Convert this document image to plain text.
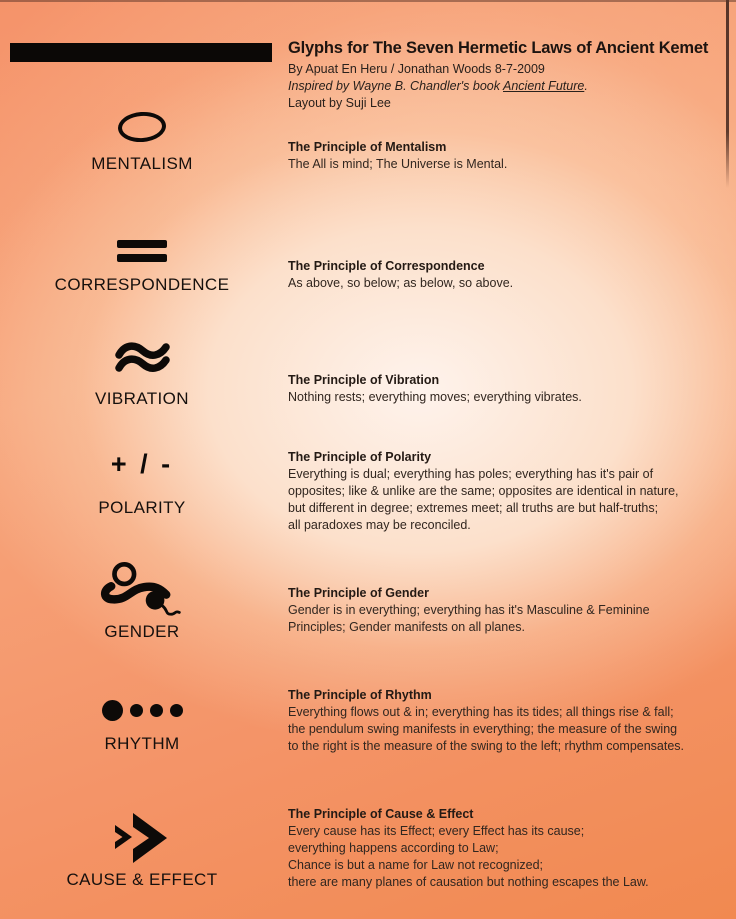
Glyphs for The Seven Hermetic Laws of Ancient Kemet
By Apuat En Heru / Jonathan Woods 8-7-2009
Inspired by Wayne B. Chandler's book Ancient Future.
Layout by Suji Lee
MENTALISM
The Principle of Mentalism
The All is mind; The Universe is Mental.
CORRESPONDENCE
The Principle of Correspondence
As above, so below; as below, so above.
VIBRATION
The Principle of Vibration
Nothing rests; everything moves; everything vibrates.
+ / -
POLARITY
The Principle of Polarity
Everything is dual; everything has poles; everything has it's pair of
opposites; like & unlike are the same; opposites are identical in nature,
but different in degree; extremes meet; all truths are but half-truths;
all paradoxes may be reconciled.
GENDER
The Principle of Gender
Gender is in everything; everything has it's Masculine & Feminine
Principles; Gender manifests on all planes.
RHYTHM
The Principle of Rhythm
Everything flows out & in; everything has its tides; all things rise & fall;
the pendulum swing manifests in everything; the measure of the swing
to the right is the measure of the swing to the left; rhythm compensates.
CAUSE & EFFECT
The Principle of Cause & Effect
Every cause has its Effect; every Effect has its cause;
everything happens according to Law;
Chance is but a name for Law not recognized;
there are many planes of causation but nothing escapes the Law.
